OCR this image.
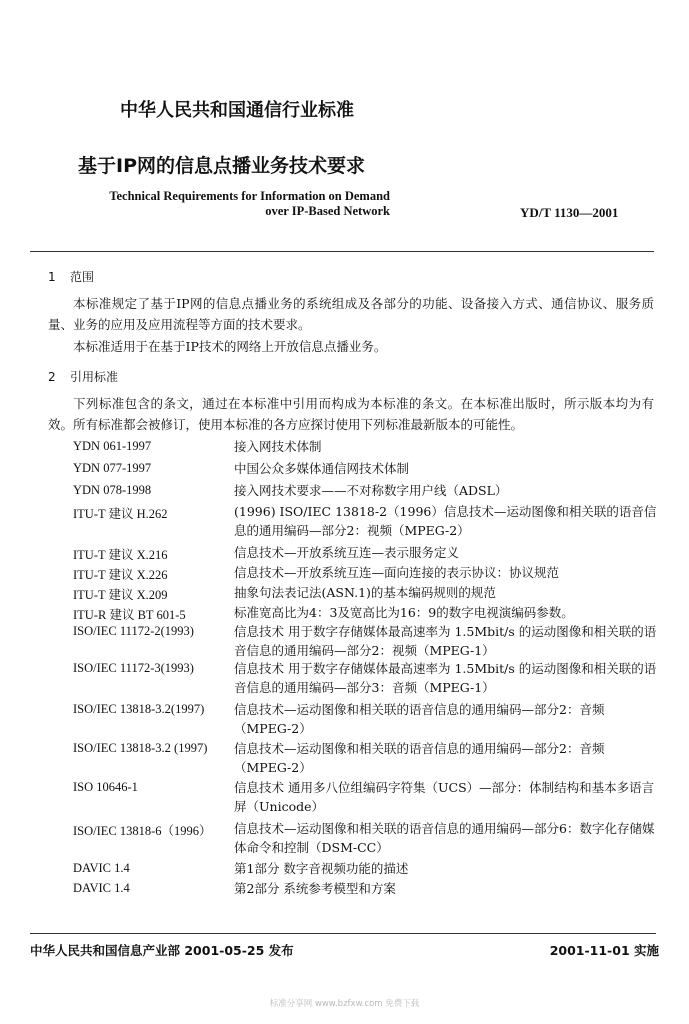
中华人民共和国通信行业标准
基于IP网的信息点播业务技术要求
Technical Requirements for Information on Demand over IP-Based Network	YD/T 1130—2001
1 范围
本标准规定了基于IP网的信息点播业务的系统组成及各部分的功能、设备接入方式、通信协议、服务质量、业务的应用及应用流程等方面的技术要求。
本标准适用于在基于IP技术的网络上开放信息点播业务。
2 引用标准
下列标准包含的条文，通过在本标准中引用而构成为本标准的条文。在本标准出版时，所示版本均为有效。所有标准都会被修订，使用本标准的各方应探讨使用下列标准最新版本的可能性。
YDN 061-1997	接入网技术体制
YDN 077-1997	中国公众多媒体通信网技术体制
YDN 078-1998	接入网技术要求——不对称数字用户线（ADSL）
ITU-T 建议 H.262	(1996) ISO/IEC 13818-2（1996）信息技术—运动图像和相关联的语音信息的通用编码—部分2：视频（MPEG-2）
ITU-T 建议 X.216	信息技术—开放系统互连—表示服务定义
ITU-T 建议 X.226	信息技术—开放系统互连—面向连接的表示协议：协议规范
ITU-T 建议 X.209	抽象句法表记法(ASN.1)的基本编码规则的规范
ITU-R 建议 BT 601-5	标准宽高比为4：3及宽高比为16：9的数字电视演编码参数。
ISO/IEC 11172-2(1993)	信息技术 用于数字存储媒体最高速率为 1.5Mbit/s 的运动图像和相关联的语音信息的通用编码—部分2：视频（MPEG-1）
ISO/IEC 11172-3(1993)	信息技术 用于数字存储媒体最高速率为 1.5Mbit/s 的运动图像和相关联的语音信息的通用编码—部分3：音频（MPEG-1）
ISO/IEC 13818-3.2(1997) 信息技术—运动图像和相关联的语音信息的通用编码—部分2：音频（MPEG-2）
ISO/IEC 13818-3.2 (1997) 信息技术—运动图像和相关联的语音信息的通用编码—部分2：音频（MPEG-2）
ISO 10646-1	信息技术 通用多八位组编码字符集（UCS）—部分：体制结构和基本多语言屏（Unicode）
ISO/IEC 13818-6（1996） 信息技术—运动图像和相关联的语音信息的通用编码—部分6：数字化存储媒体命令和控制（DSM-CC）
DAVIC 1.4	第1部分 数字音视频功能的描述
DAVIC 1.4	第2部分 系统参考模型和方案
中华人民共和国信息产业部 2001-05-25 发布	2001-11-01 实施
标准分享网 www.bzfxw.com 免费下载
